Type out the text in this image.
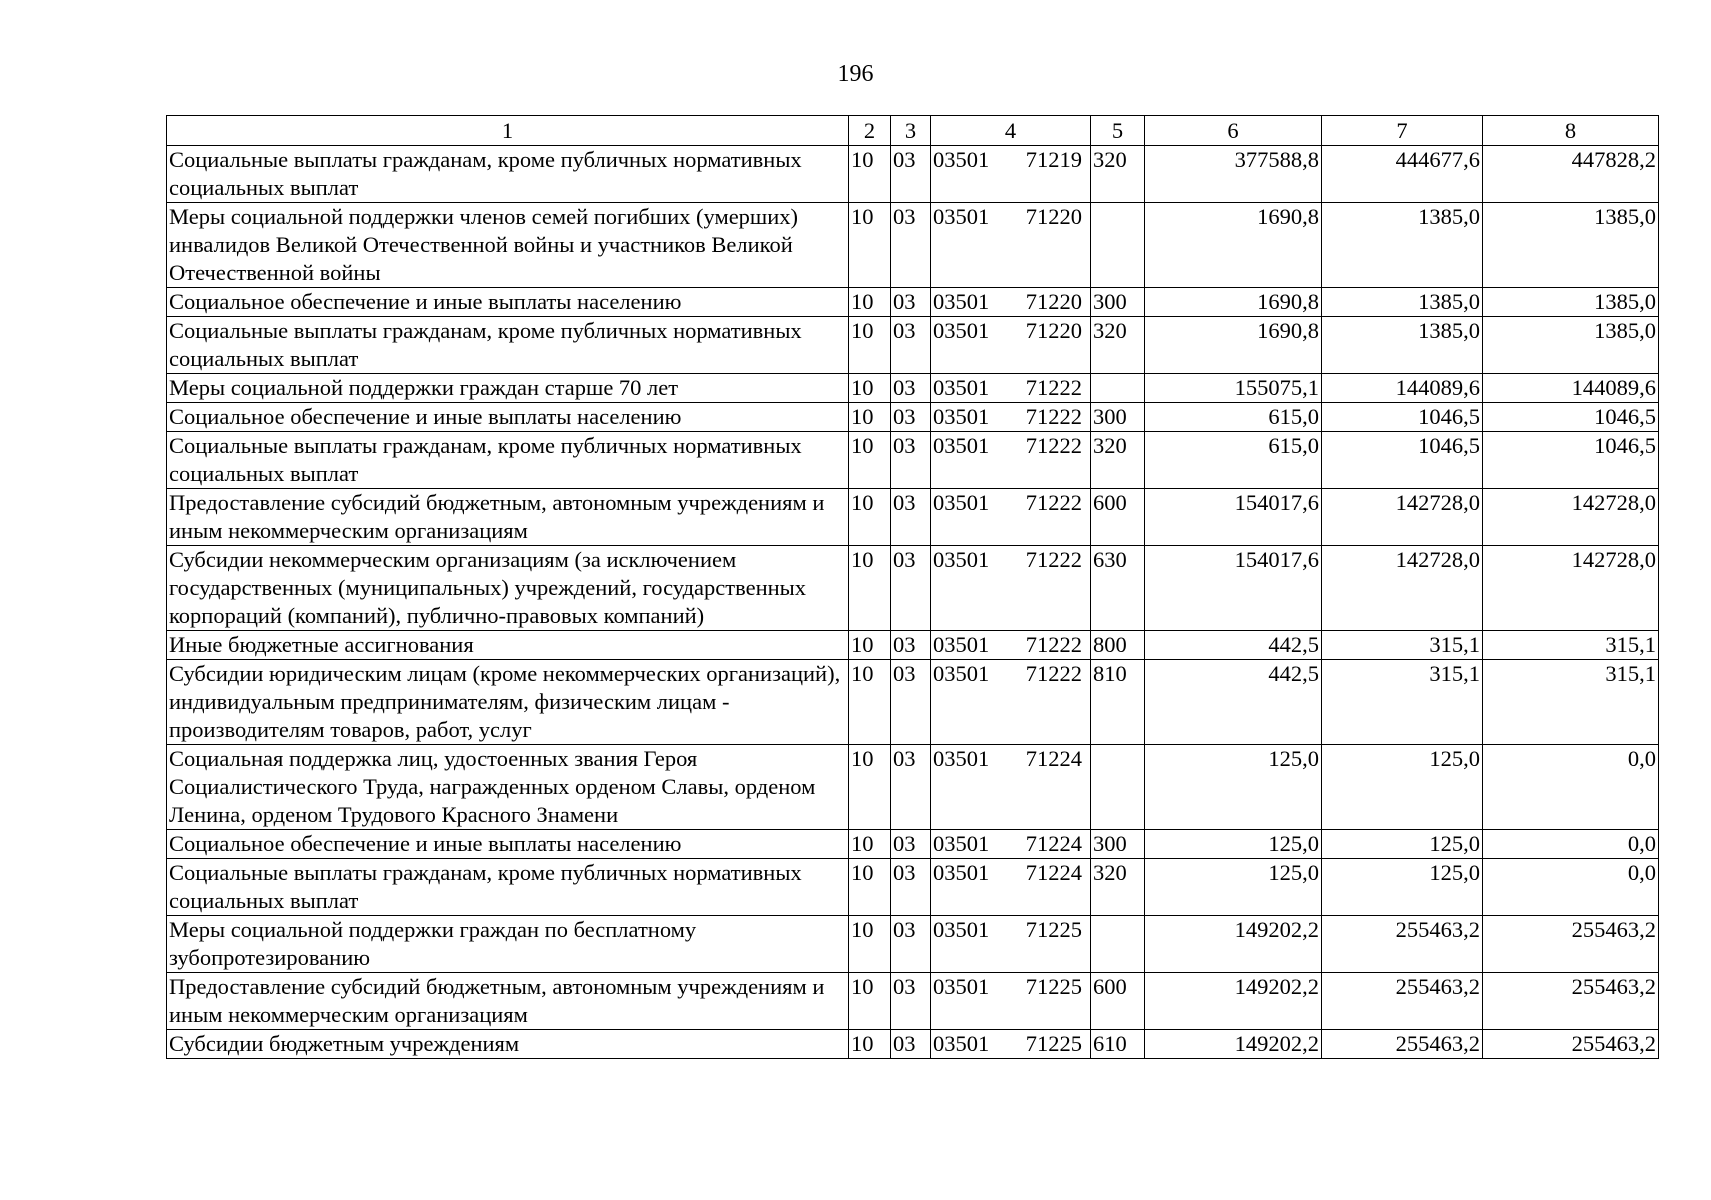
196
1	2	3	4	5	6	7	8
Социальные выплаты гражданам, кроме публичных нормативных социальных выплат	10	03	03501 71219	320	377588,8	444677,6	447828,2
Меры социальной поддержки членов семей погибших (умерших) инвалидов Великой Отечественной войны и участников Великой Отечественной войны	10	03	03501 71220		1690,8	1385,0	1385,0
Социальное обеспечение и иные выплаты населению	10	03	03501 71220	300	1690,8	1385,0	1385,0
Социальные выплаты гражданам, кроме публичных нормативных социальных выплат	10	03	03501 71220	320	1690,8	1385,0	1385,0
Меры социальной поддержки граждан старше 70 лет	10	03	03501 71222		155075,1	144089,6	144089,6
Социальное обеспечение и иные выплаты населению	10	03	03501 71222	300	615,0	1046,5	1046,5
Социальные выплаты гражданам, кроме публичных нормативных социальных выплат	10	03	03501 71222	320	615,0	1046,5	1046,5
Предоставление субсидий бюджетным, автономным учреждениям и иным некоммерческим организациям	10	03	03501 71222	600	154017,6	142728,0	142728,0
Субсидии некоммерческим организациям (за исключением государственных (муниципальных) учреждений, государственных корпораций (компаний), публично-правовых компаний)	10	03	03501 71222	630	154017,6	142728,0	142728,0
Иные бюджетные ассигнования	10	03	03501 71222	800	442,5	315,1	315,1
Субсидии юридическим лицам (кроме некоммерческих организаций), индивидуальным предпринимателям, физическим лицам - производителям товаров, работ, услуг	10	03	03501 71222	810	442,5	315,1	315,1
Социальная поддержка лиц, удостоенных звания Героя Социалистического Труда, награжденных орденом Славы, орденом Ленина, орденом Трудового Красного Знамени	10	03	03501 71224		125,0	125,0	0,0
Социальное обеспечение и иные выплаты населению	10	03	03501 71224	300	125,0	125,0	0,0
Социальные выплаты гражданам, кроме публичных нормативных социальных выплат	10	03	03501 71224	320	125,0	125,0	0,0
Меры социальной поддержки граждан по бесплатному зубопротезированию	10	03	03501 71225		149202,2	255463,2	255463,2
Предоставление субсидий бюджетным, автономным учреждениям и иным некоммерческим организациям	10	03	03501 71225	600	149202,2	255463,2	255463,2
Субсидии бюджетным учреждениям	10	03	03501 71225	610	149202,2	255463,2	255463,2
